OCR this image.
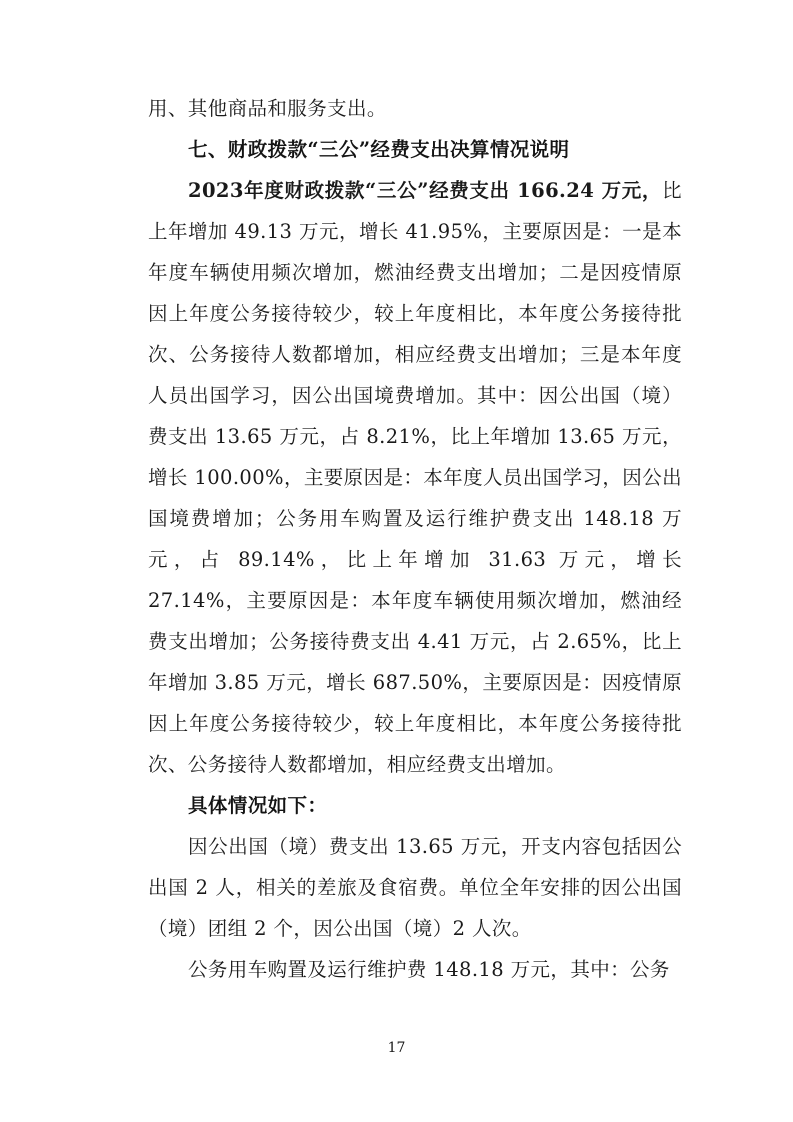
用、其他商品和服务支出。

七、财政拨款“三公”经费支出决算情况说明

2023年度财政拨款“三公”经费支出 166.24 万元，比上年增加 49.13 万元，增长 41.95%，主要原因是：一是本年度车辆使用频次增加，燃油经费支出增加；二是因疫情原因上年度公务接待较少，较上年度相比，本年度公务接待批次、公务接待人数都增加，相应经费支出增加；三是本年度人员出国学习，因公出国境费增加。其中：因公出国（境）费支出 13.65 万元，占 8.21%，比上年增加 13.65 万元，增长 100.00%，主要原因是：本年度人员出国学习，因公出国境费增加；公务用车购置及运行维护费支出 148.18 万元，占 89.14%，比上年增加 31.63 万元，增长 27.14%，主要原因是：本年度车辆使用频次增加，燃油经费支出增加；公务接待费支出 4.41 万元，占 2.65%，比上年增加 3.85 万元，增长 687.50%，主要原因是：因疫情原因上年度公务接待较少，较上年度相比，本年度公务接待批次、公务接待人数都增加，相应经费支出增加。

具体情况如下：

因公出国（境）费支出 13.65 万元，开支内容包括因公出国 2 人，相关的差旅及食宿费。单位全年安排的因公出国（境）团组 2 个，因公出国（境）2 人次。

公务用车购置及运行维护费 148.18 万元，其中：公务

17
